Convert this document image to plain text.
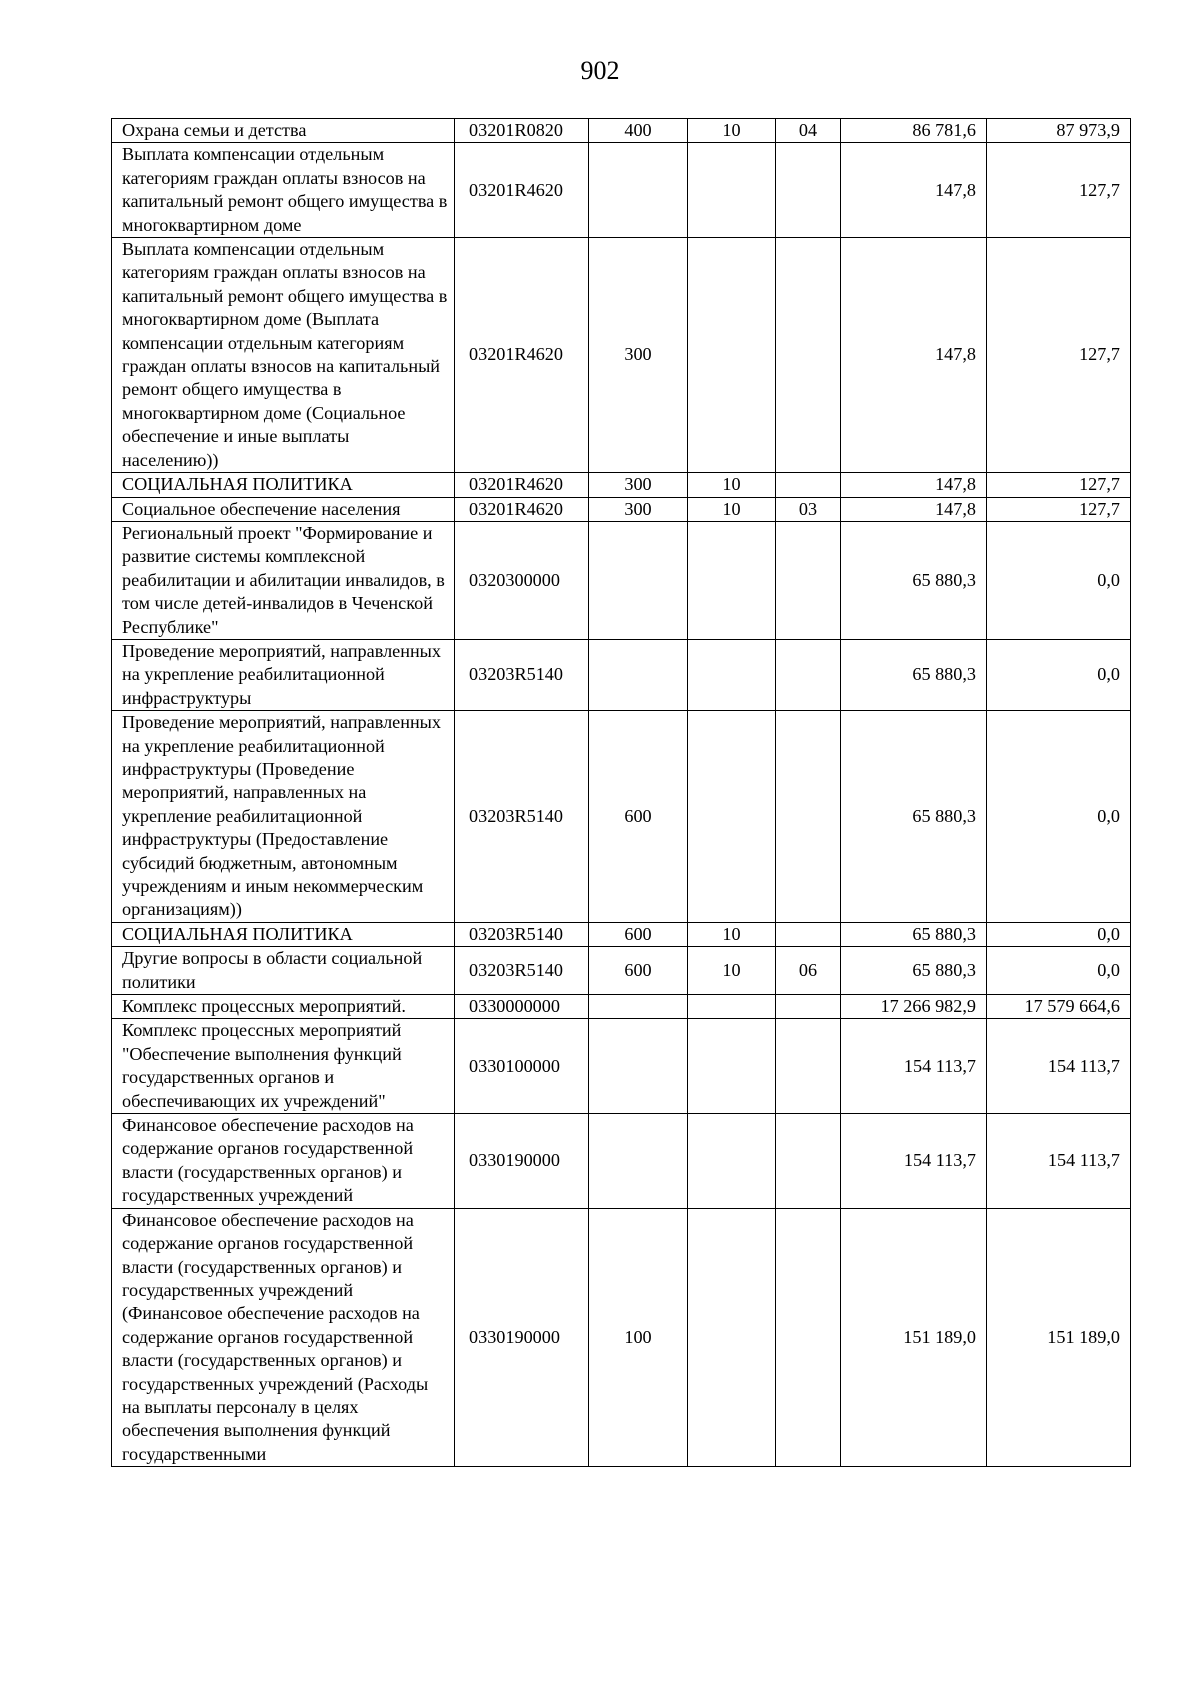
902
Охрана семьи и детства	03201R0820	400	10	04	86 781,6	87 973,9
Выплата компенсации отдельным категориям граждан оплаты взносов на капитальный ремонт общего имущества в многоквартирном доме	03201R4620				147,8	127,7
Выплата компенсации отдельным категориям граждан оплаты взносов на капитальный ремонт общего имущества в многоквартирном доме (Выплата компенсации отдельным категориям граждан оплаты взносов на капитальный ремонт общего имущества в многоквартирном доме (Социальное обеспечение и иные выплаты населению))	03201R4620	300			147,8	127,7
СОЦИАЛЬНАЯ ПОЛИТИКА	03201R4620	300	10		147,8	127,7
Социальное обеспечение населения	03201R4620	300	10	03	147,8	127,7
Региональный проект "Формирование и развитие системы комплексной реабилитации и абилитации инвалидов, в том числе детей-инвалидов в Чеченской Республике"	0320300000				65 880,3	0,0
Проведение мероприятий, направленных на укрепление реабилитационной инфраструктуры	03203R5140				65 880,3	0,0
Проведение мероприятий, направленных на укрепление реабилитационной инфраструктуры (Проведение мероприятий, направленных на укрепление реабилитационной инфраструктуры (Предоставление субсидий бюджетным, автономным учреждениям и иным некоммерческим организациям))	03203R5140	600			65 880,3	0,0
СОЦИАЛЬНАЯ ПОЛИТИКА	03203R5140	600	10		65 880,3	0,0
Другие вопросы в области социальной политики	03203R5140	600	10	06	65 880,3	0,0
Комплекс процессных мероприятий.	0330000000				17 266 982,9	17 579 664,6
Комплекс процессных мероприятий "Обеспечение выполнения функций государственных органов и обеспечивающих их учреждений"	0330100000				154 113,7	154 113,7
Финансовое обеспечение расходов на содержание органов государственной власти (государственных органов) и государственных учреждений	0330190000				154 113,7	154 113,7
Финансовое обеспечение расходов на содержание органов государственной власти (государственных органов) и государственных учреждений (Финансовое обеспечение расходов на содержание органов государственной власти (государственных органов) и государственных учреждений (Расходы на выплаты персоналу в целях обеспечения выполнения функций государственными	0330190000	100			151 189,0	151 189,0
